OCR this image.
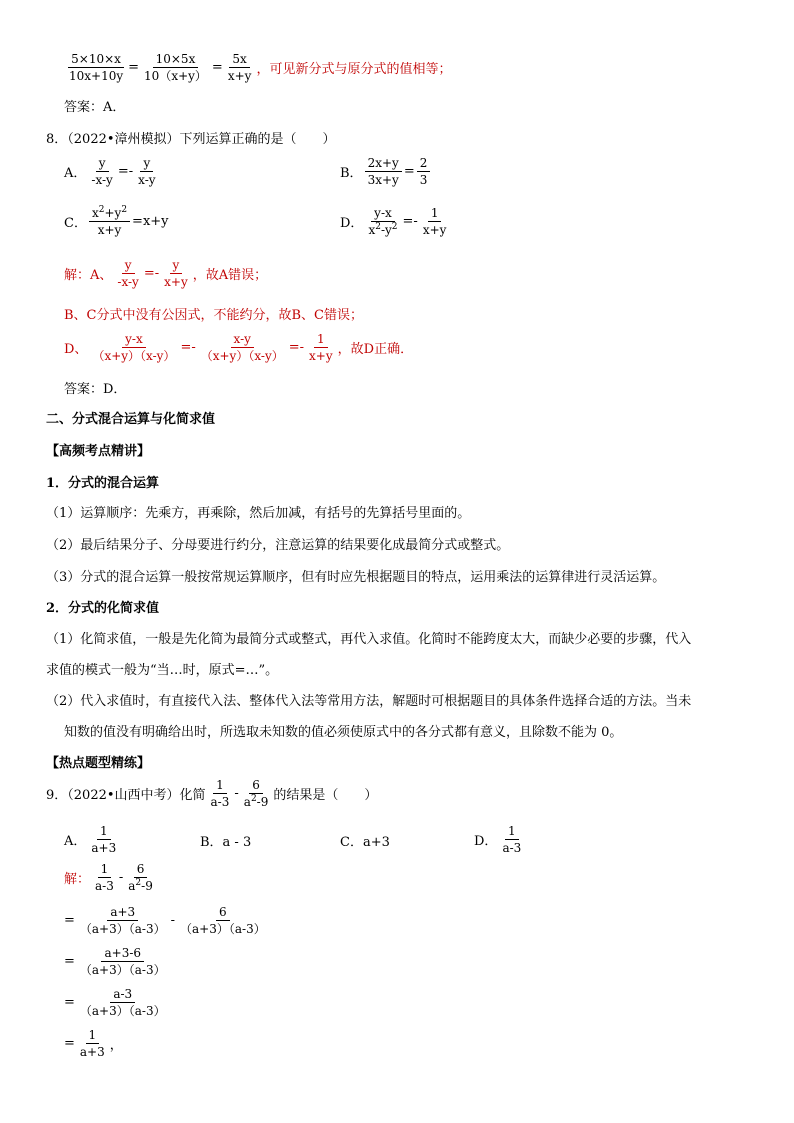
$\frac{5\times 10\times x}{10x+10y} = \frac{10\times 5x}{10(x+y)} = \frac{5x}{x+y}$ ，可见新分式与原分式的值相等；
答案：A．
8．（2022•漳州模拟）下列运算正确的是（　　）
A． $\frac{y}{-x-y} =- \frac{y}{x-y}$	B． $\frac{2x+y}{3x+y} = \frac{2}{3}$
C． $\frac{x^2+y^2}{x+y} =x+y$	D． $\frac{y-x}{x^2-y^2} =- \frac{1}{x+y}$
解：A、 $\frac{y}{-x-y} =- \frac{y}{x+y}$ ，故A错误；
B、C分式中没有公因式，不能约分，故B、C错误；
D、 $\frac{y-x}{(x+y)(x-y)} =- \frac{x-y}{(x+y)(x-y)} =- \frac{1}{x+y}$ ，故D正确．
答案：D．
二、分式混合运算与化简求值
【高频考点精讲】
1．分式的混合运算
（1）运算顺序：先乘方，再乘除，然后加减，有括号的先算括号里面的。
（2）最后结果分子、分母要进行约分，注意运算的结果要化成最简分式或整式。
（3）分式的混合运算一般按常规运算顺序，但有时应先根据题目的特点，运用乘法的运算律进行灵活运算。
2．分式的化简求值
（1）化简求值，一般是先化简为最简分式或整式，再代入求值。化简时不能跨度太大，而缺少必要的步骤，代入
求值的模式一般为“当…时，原式=…”。
（2）代入求值时，有直接代入法、整体代入法等常用方法，解题时可根据题目的具体条件选择合适的方法。当未
知数的值没有明确给出时，所选取未知数的值必须使原式中的各分式都有意义，且除数不能为 0。
【热点题型精练】
9．（2022•山西中考）化简 $\frac{1}{a-3} - \frac{6}{a^2-9}$ 的结果是（　　）
A． $\frac{1}{a+3}$	B．a - 3	C．a+3	D． $\frac{1}{a-3}$
解： $\frac{1}{a-3} - \frac{6}{a^2-9}$
= $\frac{a+3}{(a+3)(a-3)} - \frac{6}{(a+3)(a-3)}$
= $\frac{a+3-6}{(a+3)(a-3)}$
= $\frac{a-3}{(a+3)(a-3)}$
= $\frac{1}{a+3}$ ，
